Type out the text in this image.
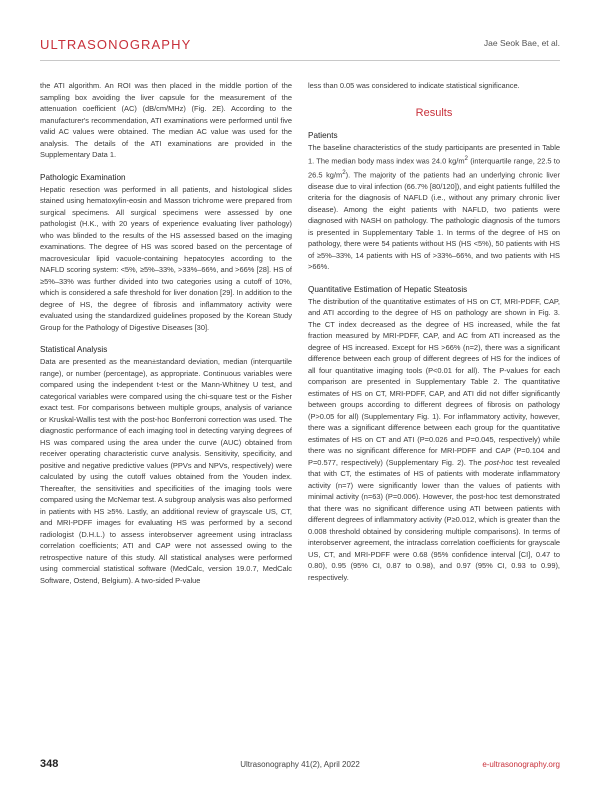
ULTRASONOGRAPHY	Jae Seok Bae, et al.

the ATI algorithm. An ROI was then placed in the middle portion of the sampling box avoiding the liver capsule for the measurement of the attenuation coefficient (AC) (dB/cm/MHz) (Fig. 2E). According to the manufacturer's recommendation, ATI examinations were performed until five valid AC values were obtained. The median AC value was used for the analysis. The details of the ATI examinations are provided in the Supplementary Data 1.

Pathologic Examination

Hepatic resection was performed in all patients, and histological slides stained using hematoxylin-eosin and Masson trichrome were prepared from surgical specimens. All surgical specimens were assessed by one pathologist (H.K., with 20 years of experience evaluating liver pathology) who was blinded to the results of the HS assessed based on the imaging examinations. The degree of HS was scored based on the percentage of macrovesicular lipid vacuole-containing hepatocytes according to the NAFLD scoring system: <5%, ≥5%–33%, >33%–66%, and >66% [28]. HS of ≥5%–33% was further divided into two categories using a cutoff of 10%, which is considered a safe threshold for liver donation [29]. In addition to the degree of HS, the degree of fibrosis and inflammatory activity were evaluated using the standardized guidelines proposed by the Korean Study Group for the Pathology of Digestive Diseases [30].

Statistical Analysis

Data are presented as the mean±standard deviation, median (interquartile range), or number (percentage), as appropriate. Continuous variables were compared using the independent t-test or the Mann-Whitney U test, and categorical variables were compared using the chi-square test or the Fisher exact test. For comparisons between multiple groups, analysis of variance or Kruskal-Wallis test with the post-hoc Bonferroni correction was used. The diagnostic performance of each imaging tool in detecting varying degrees of HS was compared using the area under the curve (AUC) obtained from receiver operating characteristic curve analysis. Sensitivity, specificity, and positive and negative predictive values (PPVs and NPVs, respectively) were calculated by using the cutoff values obtained from the Youden index. Thereafter, the sensitivities and specificities of the imaging tools were compared using the McNemar test. A subgroup analysis was also performed in patients with HS ≥5%. Lastly, an additional review of grayscale US, CT, and MRI-PDFF images for evaluating HS was performed by a second radiologist (D.H.L.) to assess interobserver agreement using intraclass correlation coefficients; ATI and CAP were not assessed owing to the retrospective nature of this study. All statistical analyses were performed using commercial statistical software (MedCalc, version 19.0.7, MedCalc Software, Ostend, Belgium). A two-sided P-value

less than 0.05 was considered to indicate statistical significance.

Results
Patients

The baseline characteristics of the study participants are presented in Table 1. The median body mass index was 24.0 $kg/m^2$ (interquartile range, 22.5 to 26.5 $kg/m^2$). The majority of the patients had an underlying chronic liver disease due to viral infection (66.7% [80/120]), and eight patients fulfilled the criteria for the diagnosis of NAFLD (i.e., without any primary chronic liver disease). Among the eight patients with NAFLD, two patients were diagnosed with NASH on pathology. The pathologic diagnosis of the tumors is presented in Supplementary Table 1. In terms of the degree of HS on pathology, there were 54 patients without HS (HS <5%), 50 patients with HS of ≥5%–33%, 14 patients with HS of >33%–66%, and two patients with HS >66%.

Quantitative Estimation of Hepatic Steatosis

The distribution of the quantitative estimates of HS on CT, MRI-PDFF, CAP, and ATI according to the degree of HS on pathology are shown in Fig. 3. The CT index decreased as the degree of HS increased, while the fat fraction measured by MRI-PDFF, CAP, and AC from ATI increased as the degree of HS increased. Except for HS >66% (n=2), there was a significant difference between each group of different degrees of HS for the indices of all four quantitative imaging tools (P<0.01 for all). The P-values for each comparison are presented in Supplementary Table 2. The quantitative estimates of HS on CT, MRI-PDFF, CAP, and ATI did not differ significantly between groups according to different degrees of fibrosis on pathology (P>0.05 for all) (Supplementary Fig. 1). For inflammatory activity, however, there was a significant difference between each group for the quantitative estimates of HS on CT and ATI (P=0.026 and P=0.045, respectively) while there was no significant difference for MRI-PDFF and CAP (P=0.104 and P=0.577, respectively) (Supplementary Fig. 2). The post-hoc test revealed that with CT, the estimates of HS of patients with moderate inflammatory activity (n=7) were significantly lower than the values of patients with minimal activity (n=63) (P=0.006). However, the post-hoc test demonstrated that there was no significant difference using ATI between patients with different degrees of inflammatory activity (P≥0.012, which is greater than the 0.008 threshold obtained by considering multiple comparisons). In terms of interobserver agreement, the intraclass correlation coefficients for grayscale US, CT, and MRI-PDFF were 0.68 (95% confidence interval [CI], 0.47 to 0.80), 0.95 (95% CI, 0.87 to 0.98), and 0.97 (95% CI, 0.93 to 0.99), respectively.

348	Ultrasonography 41(2), April 2022	e-ultrasonography.org
